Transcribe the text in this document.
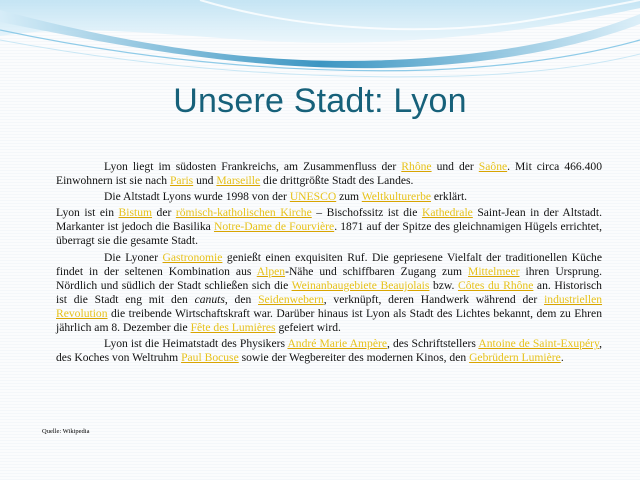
Unsere Stadt: Lyon

Lyon liegt im südosten Frankreichs, am Zusammenfluss der Rhône und der Saône. Mit circa 466.400 Einwohnern ist sie nach Paris und Marseille die drittgrößte Stadt des Landes.

Die Altstadt Lyons wurde 1998 von der UNESCO zum Weltkulturerbe erklärt.

Lyon ist ein Bistum der römisch-katholischen Kirche – Bischofssitz ist die Kathedrale Saint-Jean in der Altstadt. Markanter ist jedoch die Basilika Notre-Dame de Fourvière. 1871 auf der Spitze des gleichnamigen Hügels errichtet, überragt sie die gesamte Stadt.

Die Lyoner Gastronomie genießt einen exquisiten Ruf. Die gepriesene Vielfalt der traditionellen Küche findet in der seltenen Kombination aus Alpen-Nähe und schiffbaren Zugang zum Mittelmeer ihren Ursprung. Nördlich und südlich der Stadt schließen sich die Weinanbaugebiete Beaujolais bzw. Côtes du Rhône an. Historisch ist die Stadt eng mit den canuts, den Seidenwebern, verknüpft, deren Handwerk während der industriellen Revolution die treibende Wirtschaftskraft war. Darüber hinaus ist Lyon als Stadt des Lichtes bekannt, dem zu Ehren jährlich am 8. Dezember die Fête des Lumières gefeiert wird.

Lyon ist die Heimatstadt des Physikers André Marie Ampère, des Schriftstellers Antoine de Saint-Exupéry, des Koches von Weltruhm Paul Bocuse sowie der Wegbereiter des modernen Kinos, den Gebrüdern Lumière.

Quelle: Wikipedia
